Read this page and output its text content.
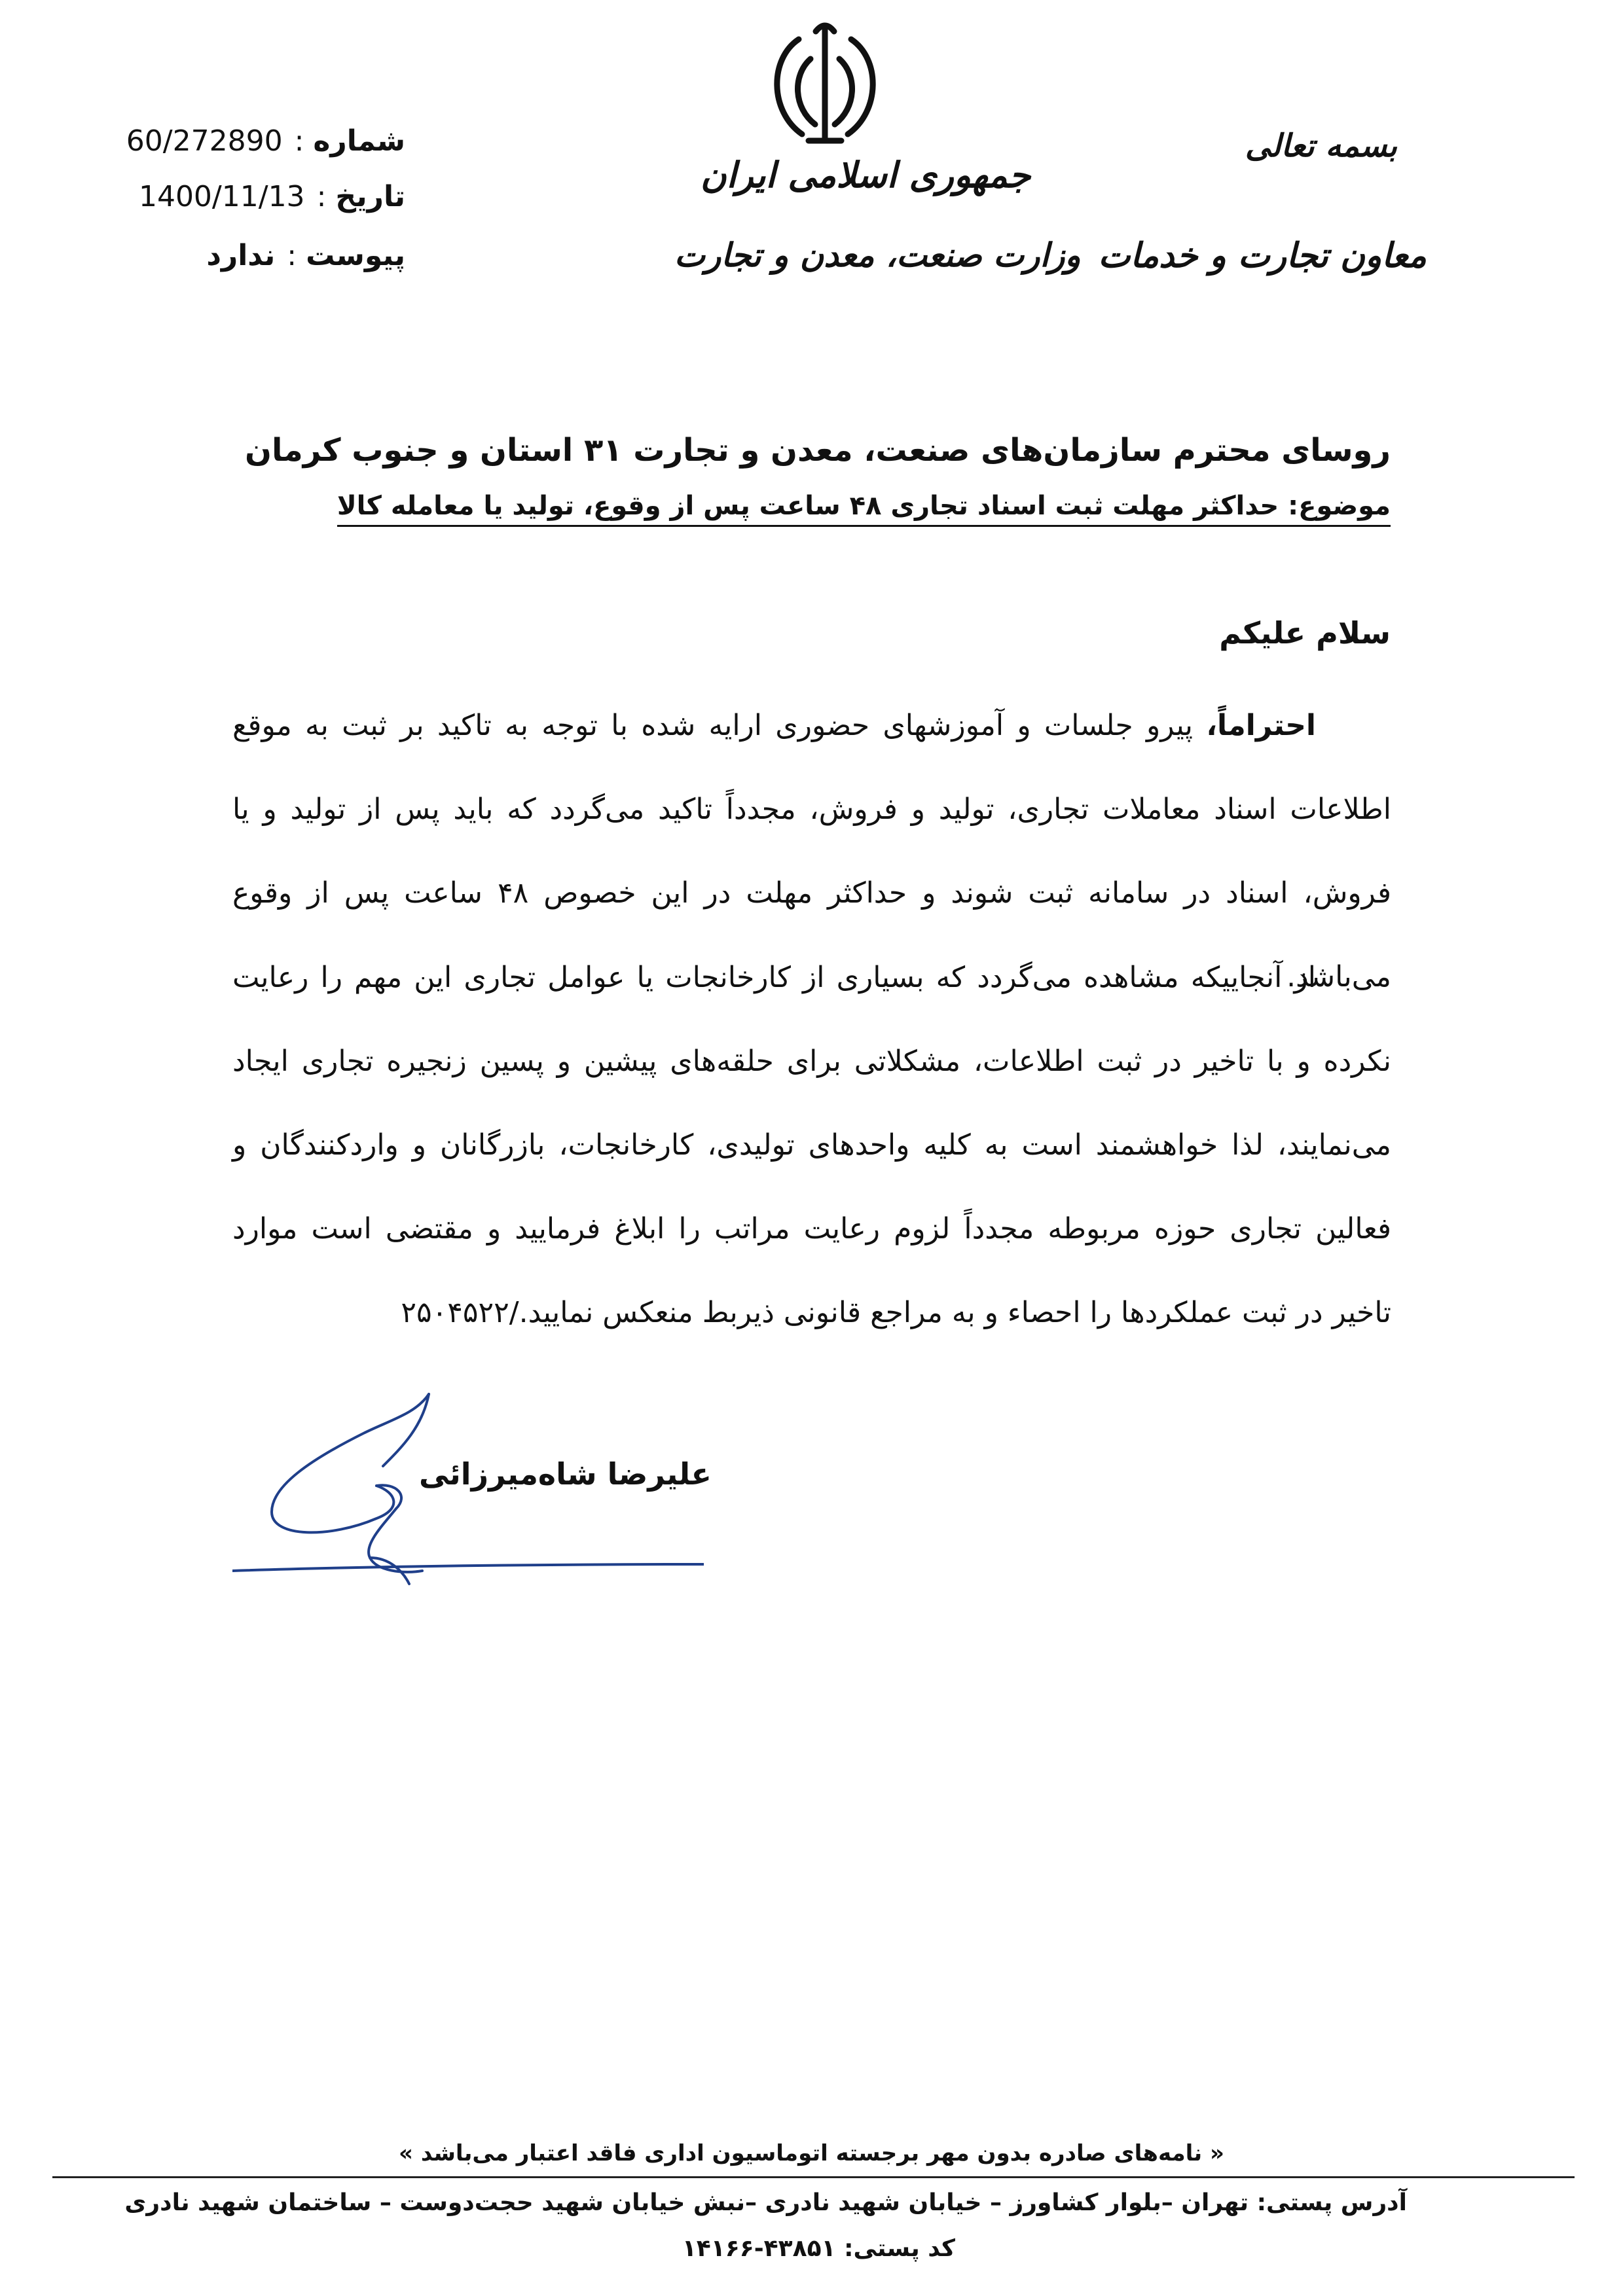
بسمه تعالی
معاون تجارت و خدمات
جمهوری اسلامی ایران
وزارت صنعت، معدن و تجارت
شماره
:
60/272890
تاریخ
:
1400/11/13
پیوست
:
ندارد
روسای محترم سازمان‌های صنعت، معدن و تجارت ۳۱ استان و جنوب کرمان
موضوع: حداکثر مهلت ثبت اسناد تجاری ۴۸ ساعت پس از وقوع، تولید یا معامله کالا
سلام علیکم
احتراماً، پیرو جلسات و آموزشهای حضوری ارایه شده با توجه به تاکید بر ثبت به موقع اطلاعات اسناد معاملات تجاری، تولید و فروش، مجدداً تاکید می‌گردد که باید پس از تولید و یا فروش، اسناد در سامانه ثبت شوند و حداکثر مهلت در این خصوص ۴۸ ساعت پس از وقوع می‌باشد.
از آنجاییکه مشاهده می‌گردد که بسیاری از کارخانجات یا عوامل تجاری این مهم را رعایت نکرده و با تاخیر در ثبت اطلاعات، مشکلاتی برای حلقه‌های پیشین و پسین زنجیره تجاری ایجاد می‌نمایند، لذا خواهشمند است به کلیه واحدهای تولیدی، کارخانجات، بازرگانان و واردکنندگان و فعالین تجاری حوزه مربوطه مجدداً لزوم رعایت مراتب را ابلاغ فرمایید و مقتضی است موارد تاخیر در ثبت عملکردها را احصاء و به مراجع قانونی ذیربط منعکس نمایید./۲۵۰۴۵۲۲
علیرضا شاه‌میرزائی
« نامه‌های صادره بدون مهر برجسته اتوماسیون اداری فاقد اعتبار می‌باشد »
آدرس پستی: تهران –بلوار کشاورز – خیابان شهید نادری –نبش خیابان شهید حجت‌دوست – ساختمان شهید نادری
کد پستی: ۴۳۸۵۱-۱۴۱۶۶
